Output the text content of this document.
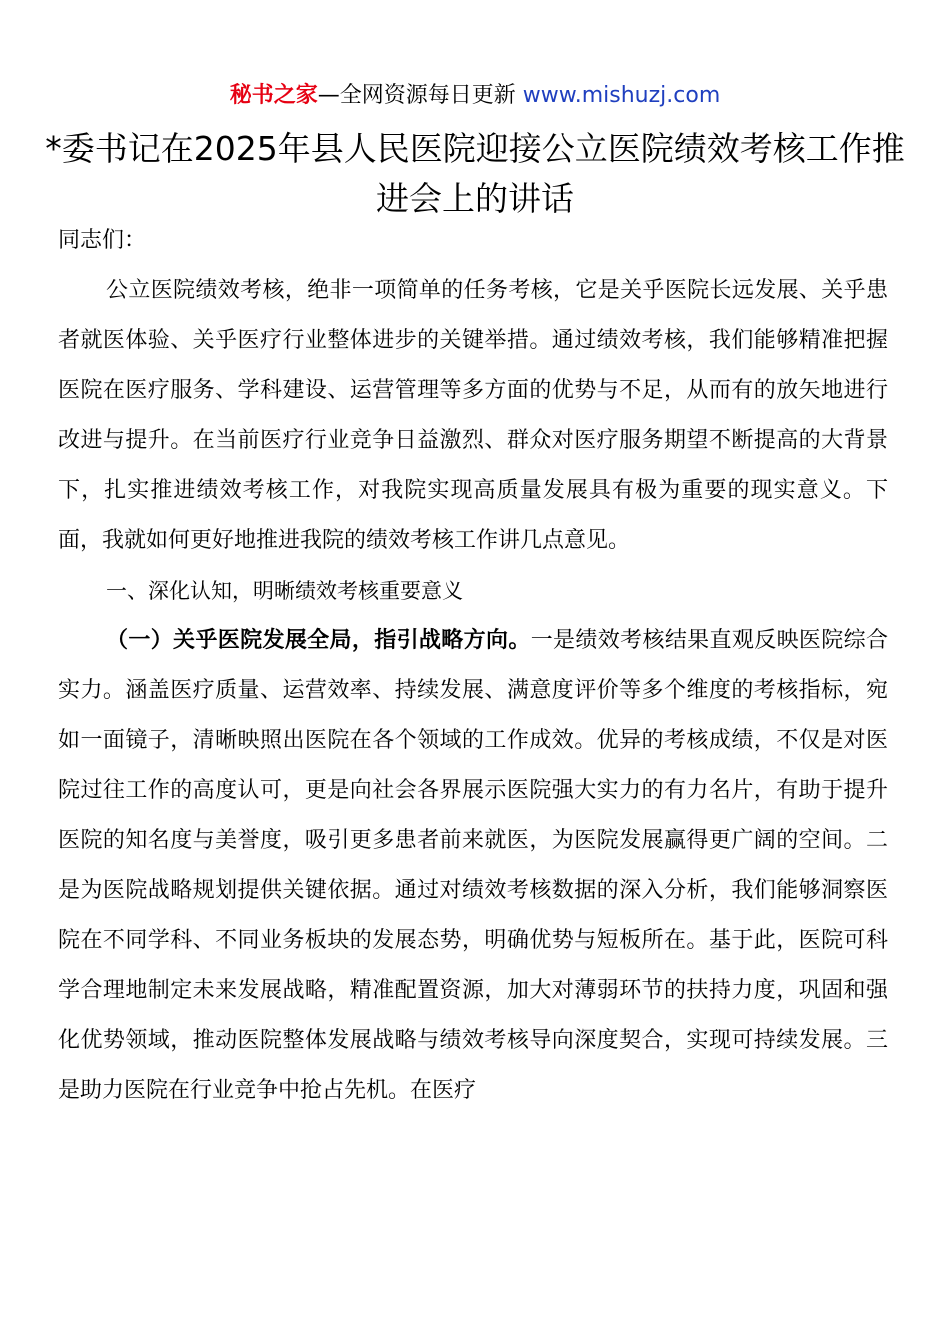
秘书之家—全网资源每日更新 www.mishuzj.com
*委书记在2025年县人民医院迎接公立医院绩效考核工作推进会上的讲话

同志们：

公立医院绩效考核，绝非一项简单的任务考核，它是关乎医院长远发展、关乎患者就医体验、关乎医疗行业整体进步的关键举措。通过绩效考核，我们能够精准把握医院在医疗服务、学科建设、运营管理等多方面的优势与不足，从而有的放矢地进行改进与提升。在当前医疗行业竞争日益激烈、群众对医疗服务期望不断提高的大背景下，扎实推进绩效考核工作，对我院实现高质量发展具有极为重要的现实意义。下面，我就如何更好地推进我院的绩效考核工作讲几点意见。

一、深化认知，明晰绩效考核重要意义

（一）关乎医院发展全局，指引战略方向。一是绩效考核结果直观反映医院综合实力。涵盖医疗质量、运营效率、持续发展、满意度评价等多个维度的考核指标，宛如一面镜子，清晰映照出医院在各个领域的工作成效。优异的考核成绩，不仅是对医院过往工作的高度认可，更是向社会各界展示医院强大实力的有力名片，有助于提升医院的知名度与美誉度，吸引更多患者前来就医，为医院发展赢得更广阔的空间。二是为医院战略规划提供关键依据。通过对绩效考核数据的深入分析，我们能够洞察医院在不同学科、不同业务板块的发展态势，明确优势与短板所在。基于此，医院可科学合理地制定未来发展战略，精准配置资源，加大对薄弱环节的扶持力度，巩固和强化优势领域，推动医院整体发展战略与绩效考核导向深度契合，实现可持续发展。三是助力医院在行业竞争中抢占先机。在医疗
